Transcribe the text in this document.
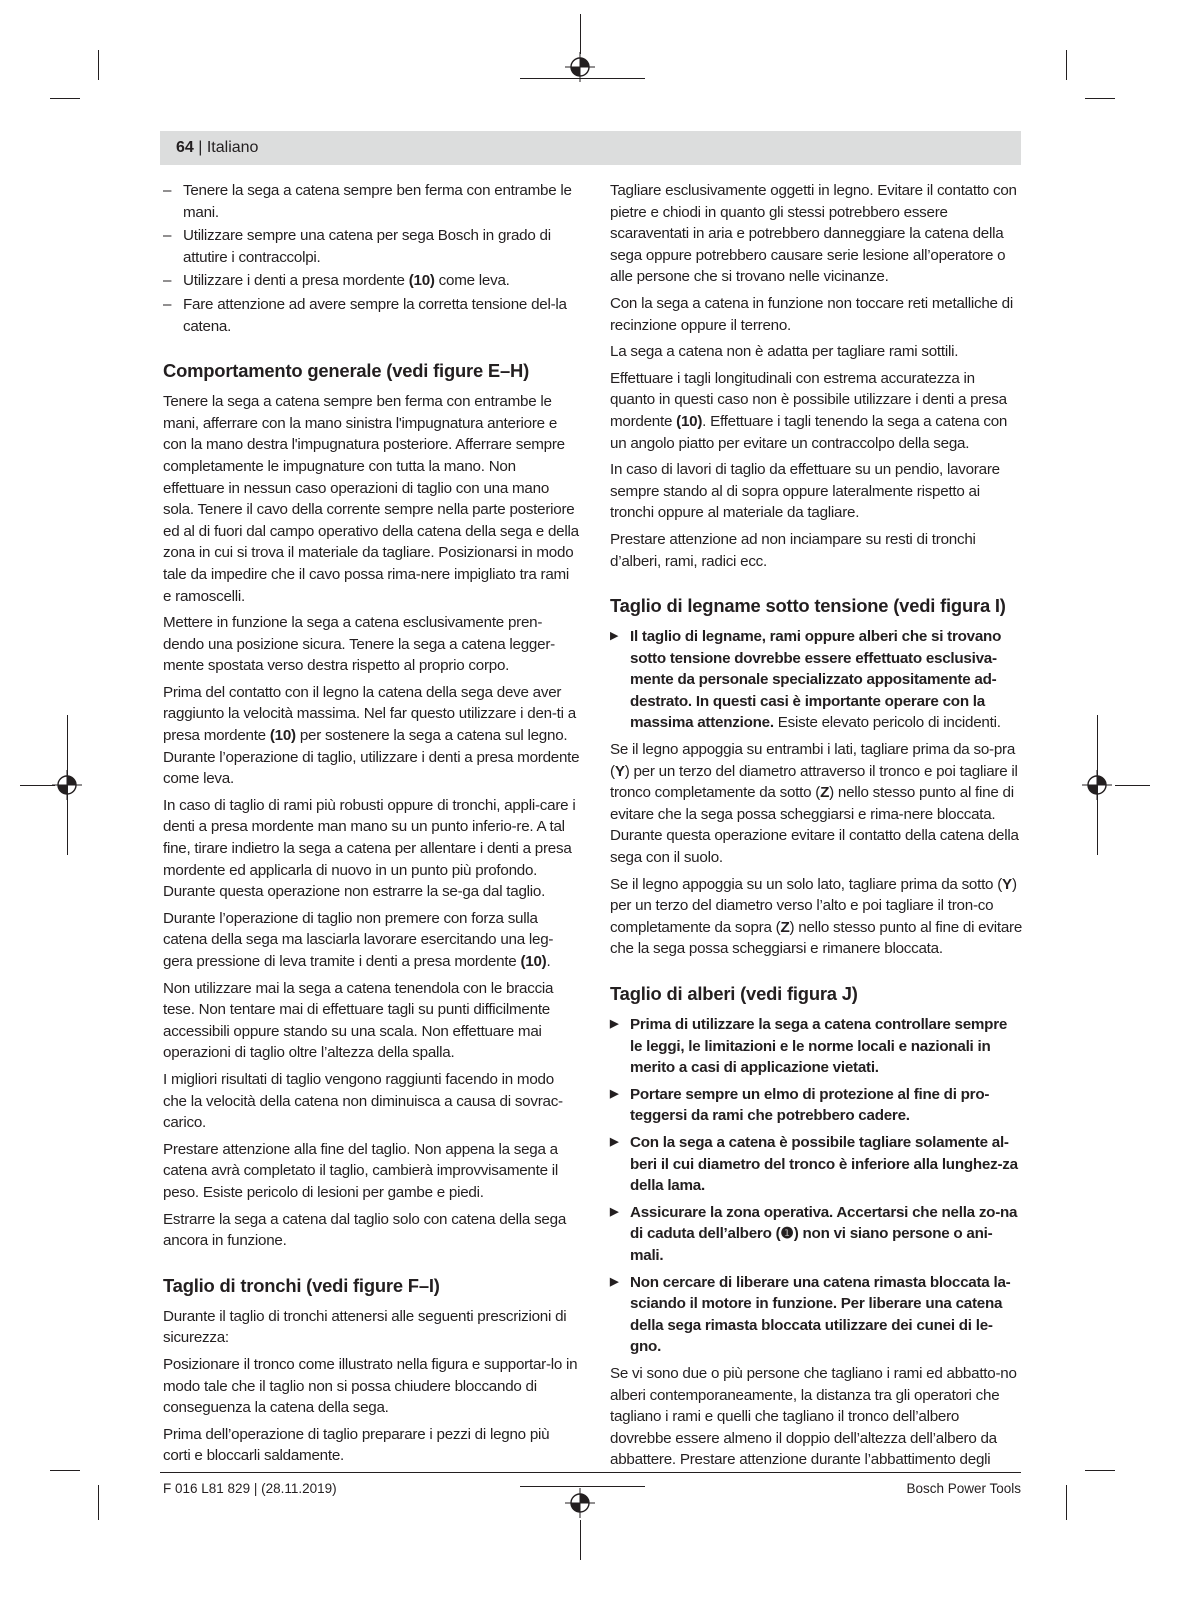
64 | Italiano
– Tenere la sega a catena sempre ben ferma con entrambe le mani.
– Utilizzare sempre una catena per sega Bosch in grado di attutire i contraccolpi.
– Utilizzare i denti a presa mordente (10) come leva.
– Fare attenzione ad avere sempre la corretta tensione del-la catena.
Comportamento generale (vedi figure E–H)

Tenere la sega a catena sempre ben ferma con entrambe le mani, afferrare con la mano sinistra l'impugnatura anteriore e con la mano destra l'impugnatura posteriore. Afferrare sempre completamente le impugnature con tutta la mano. Non effettuare in nessun caso operazioni di taglio con una mano sola. Tenere il cavo della corrente sempre nella parte posteriore ed al di fuori dal campo operativo della catena della sega e della zona in cui si trova il materiale da tagliare. Posizionarsi in modo tale da impedire che il cavo possa rima-nere impigliato tra rami e ramoscelli.

Mettere in funzione la sega a catena esclusivamente pren-dendo una posizione sicura. Tenere la sega a catena legger-mente spostata verso destra rispetto al proprio corpo.

Prima del contatto con il legno la catena della sega deve aver raggiunto la velocità massima. Nel far questo utilizzare i den-ti a presa mordente (10) per sostenere la sega a catena sul legno. Durante l’operazione di taglio, utilizzare i denti a presa mordente come leva.

In caso di taglio di rami più robusti oppure di tronchi, appli-care i denti a presa mordente man mano su un punto inferio-re. A tal fine, tirare indietro la sega a catena per allentare i denti a presa mordente ed applicarla di nuovo in un punto più profondo. Durante questa operazione non estrarre la se-ga dal taglio.

Durante l’operazione di taglio non premere con forza sulla catena della sega ma lasciarla lavorare esercitando una leg-gera pressione di leva tramite i denti a presa mordente (10).

Non utilizzare mai la sega a catena tenendola con le braccia tese. Non tentare mai di effettuare tagli su punti difficilmente accessibili oppure stando su una scala. Non effettuare mai operazioni di taglio oltre l’altezza della spalla.

I migliori risultati di taglio vengono raggiunti facendo in modo che la velocità della catena non diminuisca a causa di sovrac-carico.

Prestare attenzione alla fine del taglio. Non appena la sega a catena avrà completato il taglio, cambierà improvvisamente il peso. Esiste pericolo di lesioni per gambe e piedi.

Estrarre la sega a catena dal taglio solo con catena della sega ancora in funzione.

Taglio di tronchi (vedi figure F–I)

Durante il taglio di tronchi attenersi alle seguenti prescrizioni di sicurezza:

Posizionare il tronco come illustrato nella figura e supportar-lo in modo tale che il taglio non si possa chiudere bloccando di conseguenza la catena della sega.

Prima dell’operazione di taglio preparare i pezzi di legno più corti e bloccarli saldamente.

Tagliare esclusivamente oggetti in legno. Evitare il contatto con pietre e chiodi in quanto gli stessi potrebbero essere scaraventati in aria e potrebbero danneggiare la catena della sega oppure potrebbero causare serie lesione all’operatore o alle persone che si trovano nelle vicinanze.

Con la sega a catena in funzione non toccare reti metalliche di recinzione oppure il terreno.

La sega a catena non è adatta per tagliare rami sottili.

Effettuare i tagli longitudinali con estrema accuratezza in quanto in questi caso non è possibile utilizzare i denti a presa mordente (10). Effettuare i tagli tenendo la sega a catena con un angolo piatto per evitare un contraccolpo della sega.

In caso di lavori di taglio da effettuare su un pendio, lavorare sempre stando al di sopra oppure lateralmente rispetto ai tronchi oppure al materiale da tagliare.

Prestare attenzione ad non inciampare su resti di tronchi d’alberi, rami, radici ecc.

Taglio di legname sotto tensione (vedi figura I)
▶ Il taglio di legname, rami oppure alberi che si trovano sotto tensione dovrebbe essere effettuato esclusiva-mente da personale specializzato appositamente ad-destrato. In questi casi è importante operare con la massima attenzione. Esiste elevato pericolo di incidenti.

Se il legno appoggia su entrambi i lati, tagliare prima da so-pra (Y) per un terzo del diametro attraverso il tronco e poi tagliare il tronco completamente da sotto (Z) nello stesso punto al fine di evitare che la sega possa scheggiarsi e rima-nere bloccata. Durante questa operazione evitare il contatto della catena della sega con il suolo.

Se il legno appoggia su un solo lato, tagliare prima da sotto (Y) per un terzo del diametro verso l’alto e poi tagliare il tron-co completamente da sopra (Z) nello stesso punto al fine di evitare che la sega possa scheggiarsi e rimanere bloccata.

Taglio di alberi (vedi figura J)
▶ Prima di utilizzare la sega a catena controllare sempre le leggi, le limitazioni e le norme locali e nazionali in merito a casi di applicazione vietati.
▶ Portare sempre un elmo di protezione al fine di pro-teggersi da rami che potrebbero cadere.
▶ Con la sega a catena è possibile tagliare solamente al-beri il cui diametro del tronco è inferiore alla lunghez-za della lama.
▶ Assicurare la zona operativa. Accertarsi che nella zo-na di caduta dell’albero (❶) non vi siano persone o ani-mali.
▶ Non cercare di liberare una catena rimasta bloccata la-sciando il motore in funzione. Per liberare una catena della sega rimasta bloccata utilizzare dei cunei di le-gno.

Se vi sono due o più persone che tagliano i rami ed abbatto-no alberi contemporaneamente, la distanza tra gli operatori che tagliano i rami e quelli che tagliano il tronco dell’albero dovrebbe essere almeno il doppio dell’altezza dell’albero da abbattere. Prestare attenzione durante l’abbattimento degli

F 016 L81 829 | (28.11.2019)	Bosch Power Tools
